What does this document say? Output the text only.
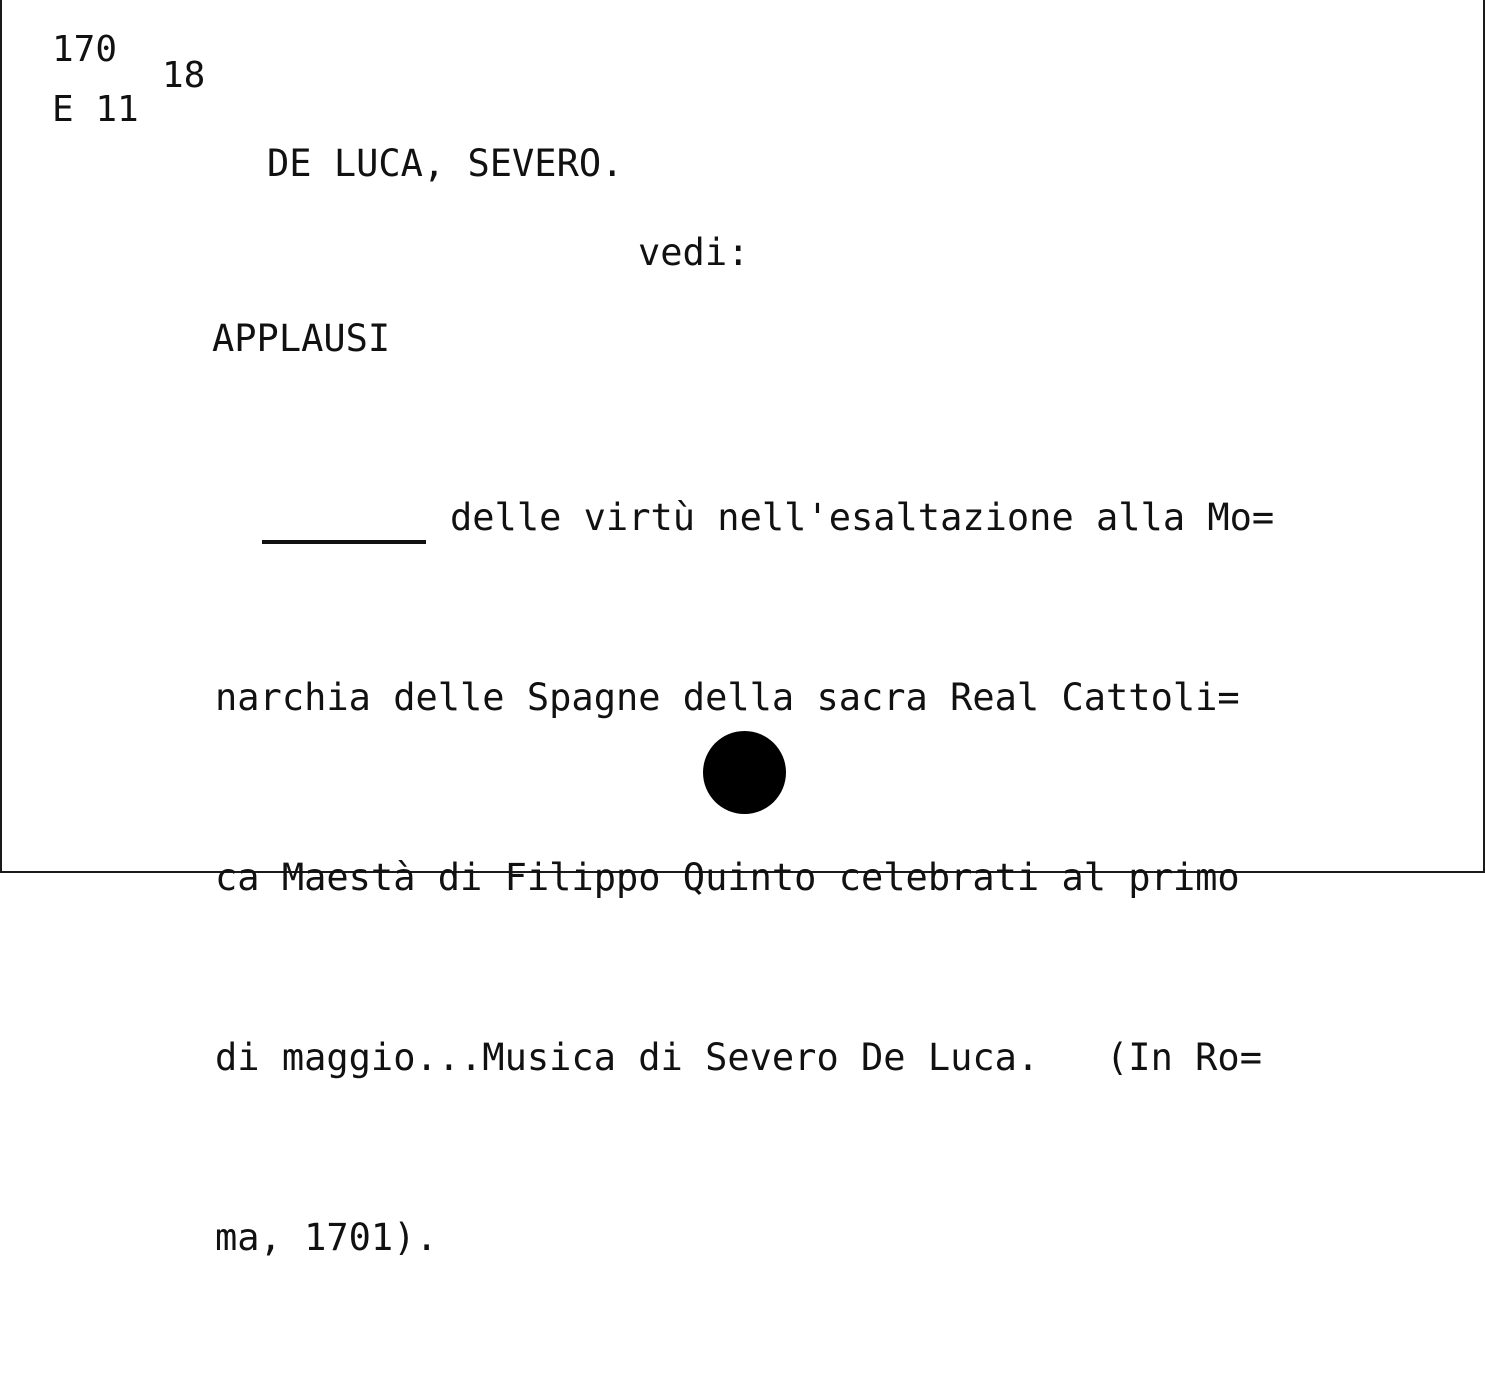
170
E 11
18
DE LUCA, SEVERO.
vedi:
APPLAUSI

delle virtù nell'esaltazione alla Mo=

narchia delle Spagne della sacra Real Cattoli=

ca Maestà di Filippo Quinto celebrati al primo

di maggio...Musica di Severo De Luca.   (In Ro=

ma, 1701).
